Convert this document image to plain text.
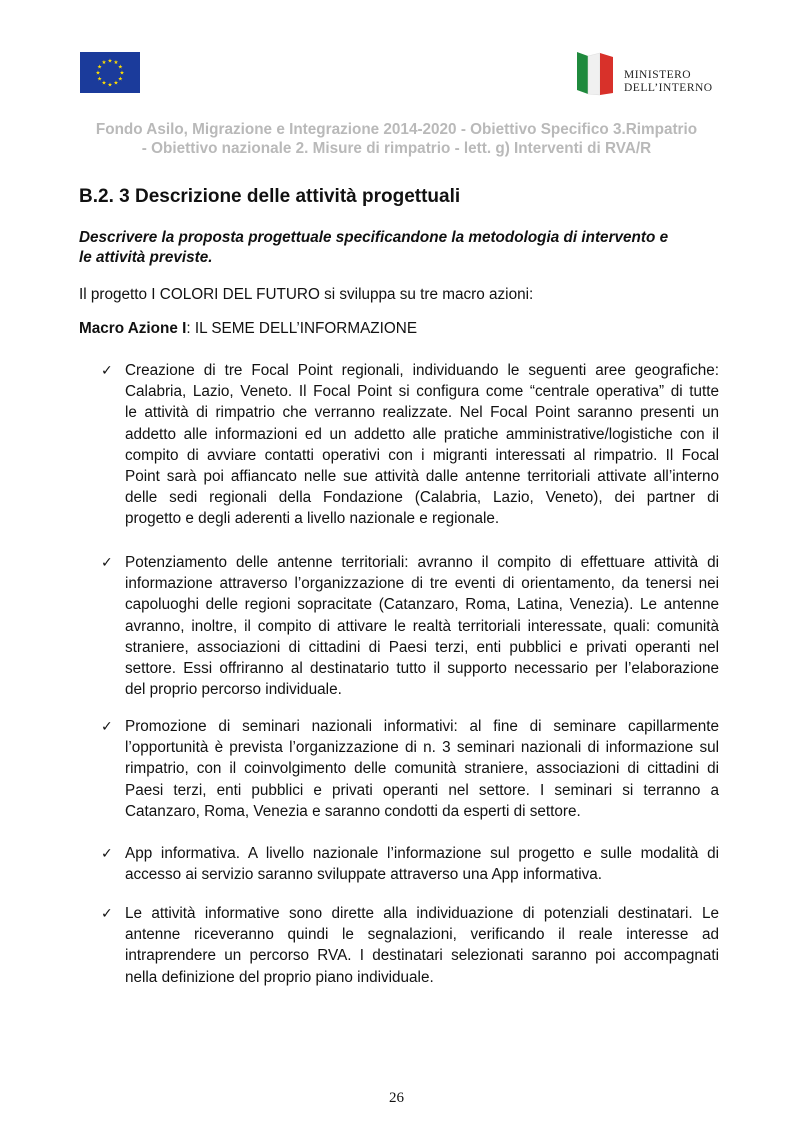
★ ★
★
★
★
★
★
★
★
★
★
★
MINISTERO
DELL’INTERNO
Fondo Asilo, Migrazione e Integrazione 2014-2020 - Obiettivo Specifico 3.Rimpatrio
- Obiettivo nazionale 2. Misure di rimpatrio - lett. g) Interventi di RVA/R
B.2. 3 Descrizione delle attività progettuali
Descrivere la proposta progettuale specificandone la metodologia di intervento e
le attività previste.
Il progetto I COLORI DEL FUTURO si sviluppa su tre macro azioni:
Macro Azione I: IL SEME DELL’INFORMAZIONE
✓ Creazione di tre Focal Point regionali, individuando le seguenti aree geografiche:
Calabria, Lazio, Veneto. Il Focal Point si configura come “centrale operativa” di tutte
le attività di rimpatrio che verranno realizzate. Nel Focal Point saranno presenti un
addetto alle informazioni ed un addetto alle pratiche amministrative/logistiche con il
compito di avviare contatti operativi con i migranti interessati al rimpatrio. Il Focal
Point sarà poi affiancato nelle sue attività dalle antenne territoriali attivate all’interno
delle sedi regionali della Fondazione (Calabria, Lazio, Veneto), dei partner di
progetto e degli aderenti a livello nazionale e regionale.
✓ Potenziamento delle antenne territoriali: avranno il compito di effettuare attività di
informazione attraverso l’organizzazione di tre eventi di orientamento, da tenersi nei
capoluoghi delle regioni sopracitate (Catanzaro, Roma, Latina, Venezia). Le antenne
avranno, inoltre, il compito di attivare le realtà territoriali interessate, quali: comunità
straniere, associazioni di cittadini di Paesi terzi, enti pubblici e privati operanti nel
settore. Essi offriranno al destinatario tutto il supporto necessario per l’elaborazione
del proprio percorso individuale.
✓ Promozione di seminari nazionali informativi: al fine di seminare capillarmente
l’opportunità è prevista l’organizzazione di n. 3 seminari nazionali di informazione sul
rimpatrio, con il coinvolgimento delle comunità straniere, associazioni di cittadini di
Paesi terzi, enti pubblici e privati operanti nel settore. I seminari si terranno a
Catanzaro, Roma, Venezia e saranno condotti da esperti di settore.
✓ App informativa. A livello nazionale l’informazione sul progetto e sulle modalità di
accesso ai servizio saranno sviluppate attraverso una App informativa.
✓ Le attività informative sono dirette alla individuazione di potenziali destinatari. Le
antenne riceveranno quindi le segnalazioni, verificando il reale interesse ad
intraprendere un percorso RVA. I destinatari selezionati saranno poi accompagnati
nella definizione del proprio piano individuale.
26
